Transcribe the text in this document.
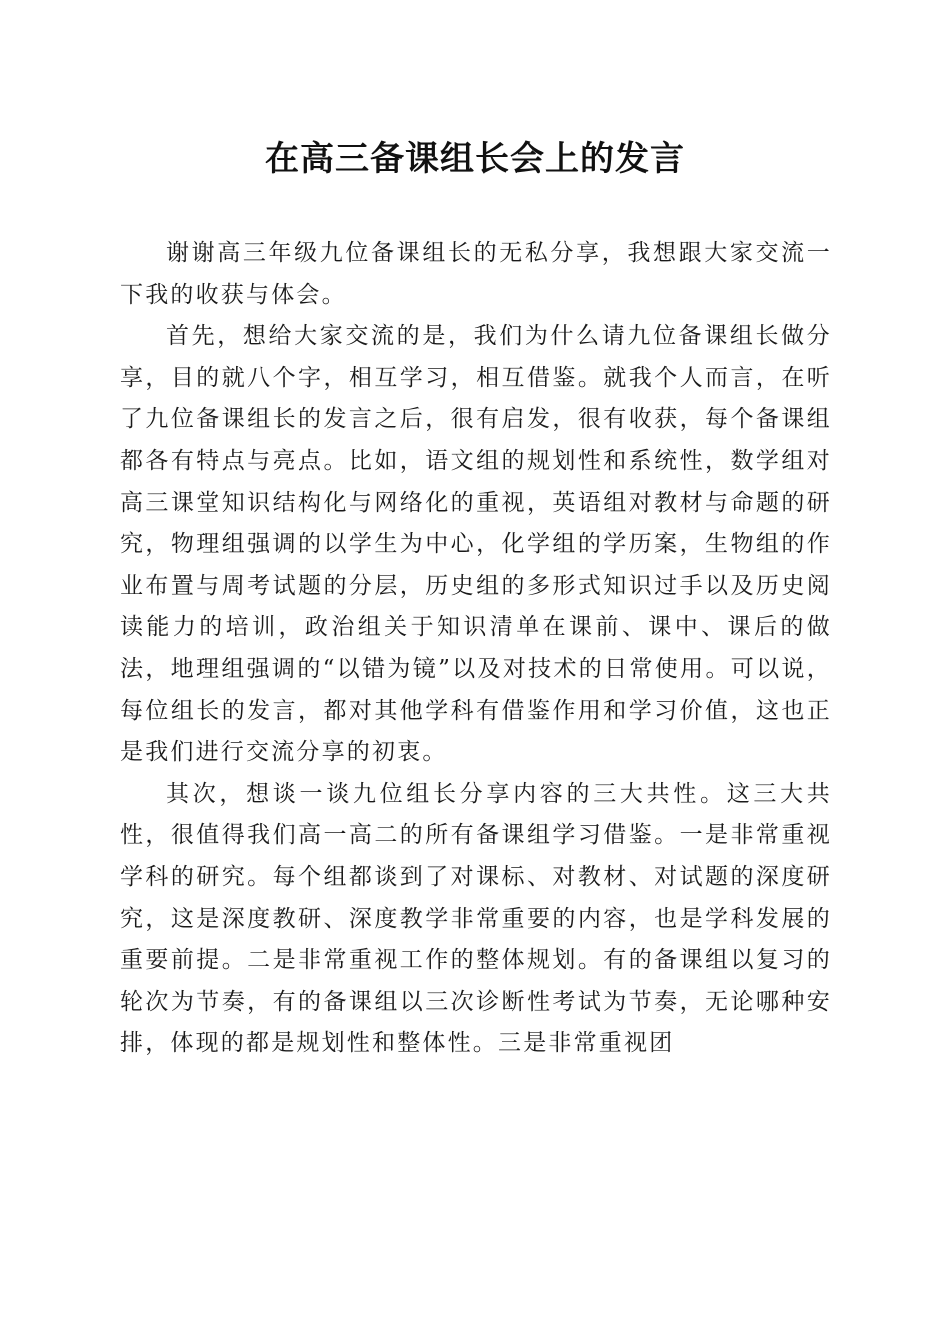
在高三备课组长会上的发言

谢谢高三年级九位备课组长的无私分享，我想跟大家交流一下我的收获与体会。

首先，想给大家交流的是，我们为什么请九位备课组长做分享，目的就八个字，相互学习，相互借鉴。就我个人而言，在听了九位备课组长的发言之后，很有启发，很有收获，每个备课组都各有特点与亮点。比如，语文组的规划性和系统性，数学组对高三课堂知识结构化与网络化的重视，英语组对教材与命题的研究，物理组强调的以学生为中心，化学组的学历案，生物组的作业布置与周考试题的分层，历史组的多形式知识过手以及历史阅读能力的培训，政治组关于知识清单在课前、课中、课后的做法，地理组强调的“以错为镜”以及对技术的日常使用。可以说，每位组长的发言，都对其他学科有借鉴作用和学习价值，这也正是我们进行交流分享的初衷。

其次，想谈一谈九位组长分享内容的三大共性。这三大共性，很值得我们高一高二的所有备课组学习借鉴。一是非常重视学科的研究。每个组都谈到了对课标、对教材、对试题的深度研究，这是深度教研、深度教学非常重要的内容，也是学科发展的重要前提。二是非常重视工作的整体规划。有的备课组以复习的轮次为节奏，有的备课组以三次诊断性考试为节奏，无论哪种安排，体现的都是规划性和整体性。三是非常重视团
